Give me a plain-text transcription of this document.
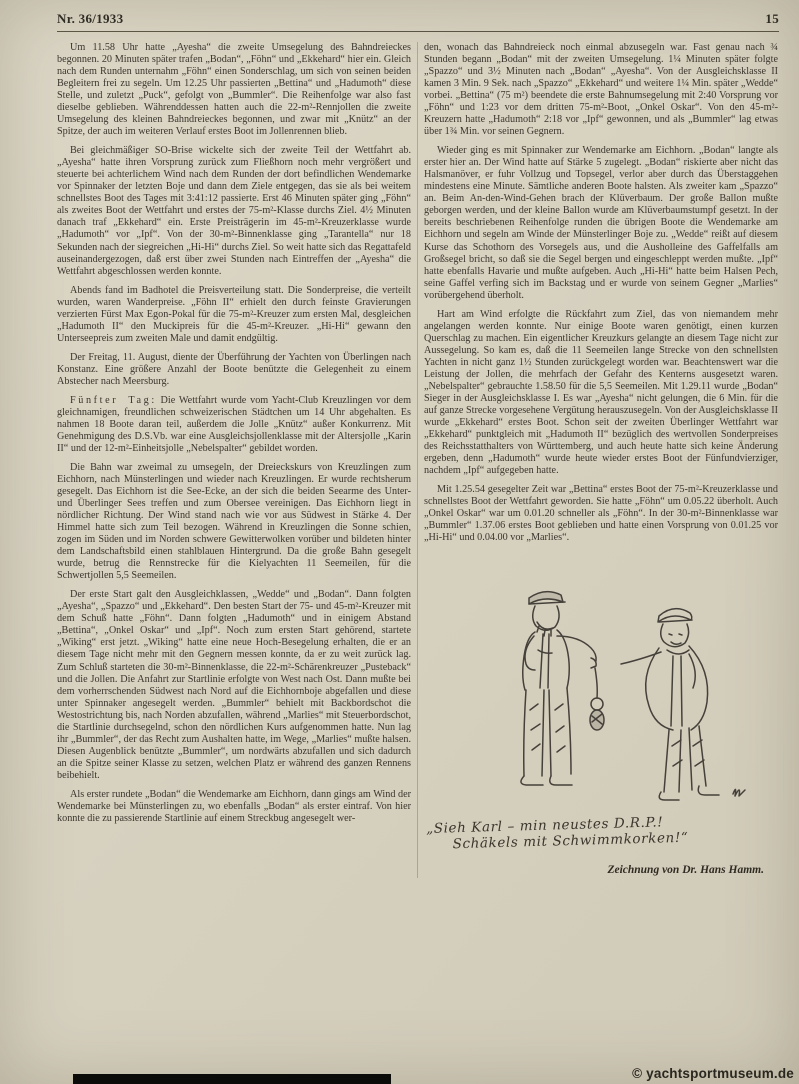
Nr. 36/1933	15

Um 11.58 Uhr hatte „Ayesha“ die zweite Umsegelung des Bahndreieckes begonnen. 20 Minuten später trafen „Bodan“, „Föhn“ und „Ekkehard“ hier ein. Gleich nach dem Runden unternahm „Föhn“ einen Sonderschlag, um sich von seinen beiden Begleitern frei zu segeln. Um 12.25 Uhr passierten „Bettina“ und „Hadumoth“ diese Stelle, und zuletzt „Puck“, gefolgt von „Bummler“. Die Reihenfolge war also fast dieselbe geblieben. Währenddessen hatten auch die 22-m²-Rennjollen die zweite Umsegelung des kleinen Bahndreieckes begonnen, und zwar mit „Knütz“ an der Spitze, der auch im weiteren Verlauf erstes Boot im Jollenrennen blieb.

Bei gleichmäßiger SO-Brise wickelte sich der zweite Teil der Wettfahrt ab. „Ayesha“ hatte ihren Vorsprung zurück zum Fließhorn noch mehr vergrößert und steuerte bei achterlichem Wind nach dem Runden der dort befindlichen Wendemarke vor Spinnaker der letzten Boje und dann dem Ziele entgegen, das sie als bei weitem schnellstes Boot des Tages mit 3:41:12 passierte. Erst 46 Minuten später ging „Föhn“ als zweites Boot der Wettfahrt und erstes der 75-m²-Klasse durchs Ziel. 4½ Minuten danach traf „Ekkehard“ ein. Erste Preisträgerin im 45-m²-Kreuzerklasse wurde „Hadumoth“ vor „Ipf“. Von der 30-m²-Binnenklasse ging „Tarantella“ nur 18 Sekunden nach der siegreichen „Hi-Hi“ durchs Ziel. So weit hatte sich das Regattafeld auseinandergezogen, daß erst über zwei Stunden nach Eintreffen der „Ayesha“ die Wettfahrt abgeschlossen werden konnte.

Abends fand im Badhotel die Preisverteilung statt. Die Sonderpreise, die verteilt wurden, waren Wanderpreise. „Föhn II“ erhielt den durch feinste Gravierungen verzierten Fürst Max Egon-Pokal für die 75-m²-Kreuzer zum ersten Mal, desgleichen „Hadumoth II“ den Muckipreis für die 45-m²-Kreuzer. „Hi-Hi“ gewann den Unterseepreis zum zweiten Male und damit endgültig.

Der Freitag, 11. August, diente der Überführung der Yachten von Überlingen nach Konstanz. Eine größere Anzahl der Boote benützte die Gelegenheit zu einem Abstecher nach Meersburg.

Fünfter Tag: Die Wettfahrt wurde vom Yacht-Club Kreuzlingen vor dem gleichnamigen, freundlichen schweizerischen Städtchen um 14 Uhr abgehalten. Es nahmen 18 Boote daran teil, außerdem die Jolle „Knütz“ außer Konkurrenz. Mit Genehmigung des D.S.Vb. war eine Ausgleichsjollenklasse mit der Altersjolle „Karin II“ und der 12-m²-Einheitsjolle „Nebelspalter“ gebildet worden.

Die Bahn war zweimal zu umsegeln, der Dreieckskurs von Kreuzlingen zum Eichhorn, nach Münsterlingen und wieder nach Kreuzlingen. Er wurde rechtsherum gesegelt. Das Eichhorn ist die See-Ecke, an der sich die beiden Seearme des Unter- und Überlinger Sees treffen und zum Obersee vereinigen. Das Eichhorn liegt in nördlicher Richtung. Der Wind stand nach wie vor aus Südwest in Stärke 4. Der Himmel hatte sich zum Teil bezogen. Während in Kreuzlingen die Sonne schien, zogen im Süden und im Norden schwere Gewitterwolken vorüber und bildeten hinter dem Landschaftsbild einen stahlblauen Hintergrund. Da die große Bahn gesegelt wurde, betrug die Rennstrecke für die Kielyachten 11 Seemeilen, für die Schwertjollen 5,5 Seemeilen.

Der erste Start galt den Ausgleichklassen, „Wedde“ und „Bodan“. Dann folgten „Ayesha“, „Spazzo“ und „Ekkehard“. Den besten Start der 75- und 45-m²-Kreuzer mit dem Schuß hatte „Föhn“. Dann folgten „Hadumoth“ und in einigem Abstand „Bettina“, „Onkel Oskar“ und „Ipf“. Noch zum ersten Start gehörend, startete „Wiking“ erst jetzt. „Wiking“ hatte eine neue Hoch-Besegelung erhalten, die er an diesem Tage nicht mehr mit den Gegnern messen konnte, da er zu weit zurück lag. Zum Schluß starteten die 30-m²-Binnenklasse, die 22-m²-Schärenkreuzer „Pusteback“ und die Jollen. Die Anfahrt zur Startlinie erfolgte von West nach Ost. Dann mußte bei dem vorherrschenden Südwest nach Nord auf die Eichhornboje abgefallen und diese unter Spinnaker angesegelt werden. „Bummler“ behielt mit Backbordschot die Westostrichtung bis, nach Norden abzufallen, während „Marlies“ mit Steuerbordschot, die Startlinie durchsegelnd, schon den nördlichen Kurs aufgenommen hatte. Nun lag ihr „Bummler“, der das Recht zum Aushalten hatte, im Wege, „Marlies“ mußte halsen. Diesen Augenblick benützte „Bummler“, um nordwärts abzufallen und sich dadurch an die Spitze seiner Klasse zu setzen, welchen Platz er während des ganzen Rennens beibehielt.

Als erster rundete „Bodan“ die Wendemarke am Eichhorn, dann gings am Wind der Wendemarke bei Münsterlingen zu, wo ebenfalls „Bodan“ als erster eintraf. Von hier konnte die zu passierende Startlinie auf einem Streckbug angesegelt wer-

den, wonach das Bahndreieck noch einmal abzusegeln war. Fast genau nach ¾ Stunden begann „Bodan“ mit der zweiten Umsegelung. 1¼ Minuten später folgte „Spazzo“ und 3½ Minuten nach „Bodan“ „Ayesha“. Von der Ausgleichsklasse II kamen 3 Min. 9 Sek. nach „Spazzo“ „Ekkehard“ und weitere 1¼ Min. später „Wedde“ vorbei. „Bettina“ (75 m²) beendete die erste Bahnumsegelung mit 2:40 Vorsprung vor „Föhn“ und 1:23 vor dem dritten 75-m²-Boot, „Onkel Oskar“. Von den 45-m²-Kreuzern hatte „Hadumoth“ 2:18 vor „Ipf“ gewonnen, und als „Bummler“ lag etwas über 1¾ Min. vor seinen Gegnern.

Wieder ging es mit Spinnaker zur Wendemarke am Eichhorn. „Bodan“ langte als erster hier an. Der Wind hatte auf Stärke 5 zugelegt. „Bodan“ riskierte aber nicht das Halsmanöver, er fuhr Vollzug und Topsegel, verlor aber durch das Überstaggehen mindestens eine Minute. Sämtliche anderen Boote halsten. Als zweiter kam „Spazzo“ an. Beim An-den-Wind-Gehen brach der Klüverbaum. Der große Ballon mußte geborgen werden, und der kleine Ballon wurde am Klüverbaumstumpf gesetzt. In der bereits beschriebenen Reihenfolge runden die übrigen Boote die Wendemarke am Eichhorn und segeln am Winde der Münsterlinger Boje zu. „Wedde“ reißt auf diesem Kurse das Schothorn des Vorsegels aus, und die Ausholleine des Gaffelfalls am Großsegel bricht, so daß sie die Segel bergen und eingeschleppt werden mußte. „Ipf“ hatte ebenfalls Havarie und mußte aufgeben. Auch „Hi-Hi“ hatte beim Halsen Pech, seine Gaffel verfing sich im Backstag und er wurde von seinem Gegner „Marlies“ vorübergehend überholt.

Hart am Wind erfolgte die Rückfahrt zum Ziel, das von niemandem mehr angelangen werden konnte. Nur einige Boote waren genötigt, einen kurzen Querschlag zu machen. Ein eigentlicher Kreuzkurs gelangte an diesem Tage nicht zur Aussegelung. So kam es, daß die 11 Seemeilen lange Strecke von den schnellsten Yachten in nicht ganz 1½ Stunden zurückgelegt worden war. Beachtenswert war die Leistung der Jollen, die mehrfach der Gefahr des Kenterns ausgesetzt waren. „Nebelspalter“ gebrauchte 1.58.50 für die 5,5 Seemeilen. Mit 1.29.11 wurde „Bodan“ Sieger in der Ausgleichsklasse I. Es war „Ayesha“ nicht gelungen, die 6 Min. für die auf ganze Strecke vorgesehene Vergütung herauszusegeln. Von der Ausgleichsklasse II wurde „Ekkehard“ erstes Boot. Schon seit der zweiten Überlinger Wettfahrt war „Ekkehard“ punktgleich mit „Hadumoth II“ bezüglich des wertvollen Sonderpreises des Reichsstatthalters von Württemberg, und auch heute hatte sich keine Änderung ergeben, denn „Hadumoth“ wurde heute wieder erstes Boot der Fünfundvierziger, nachdem „Ipf“ aufgegeben hatte.

Mit 1.25.54 gesegelter Zeit war „Bettina“ erstes Boot der 75-m²-Kreuzerklasse und schnellstes Boot der Wettfahrt geworden. Sie hatte „Föhn“ um 0.05.22 überholt. Auch „Onkel Oskar“ war um 0.01.20 schneller als „Föhn“. In der 30-m²-Binnenklasse war „Bummler“ 1.37.06 erstes Boot geblieben und hatte einen Vorsprung von 0.01.25 vor „Hi-Hi“ und 0.04.00 vor „Marlies“.

„Sieh Karl – min neustes D.R.P.!
Schäkels mit Schwimmkorken!“
Zeichnung von Dr. Hans Hamm.
© yachtsportmuseum.de
